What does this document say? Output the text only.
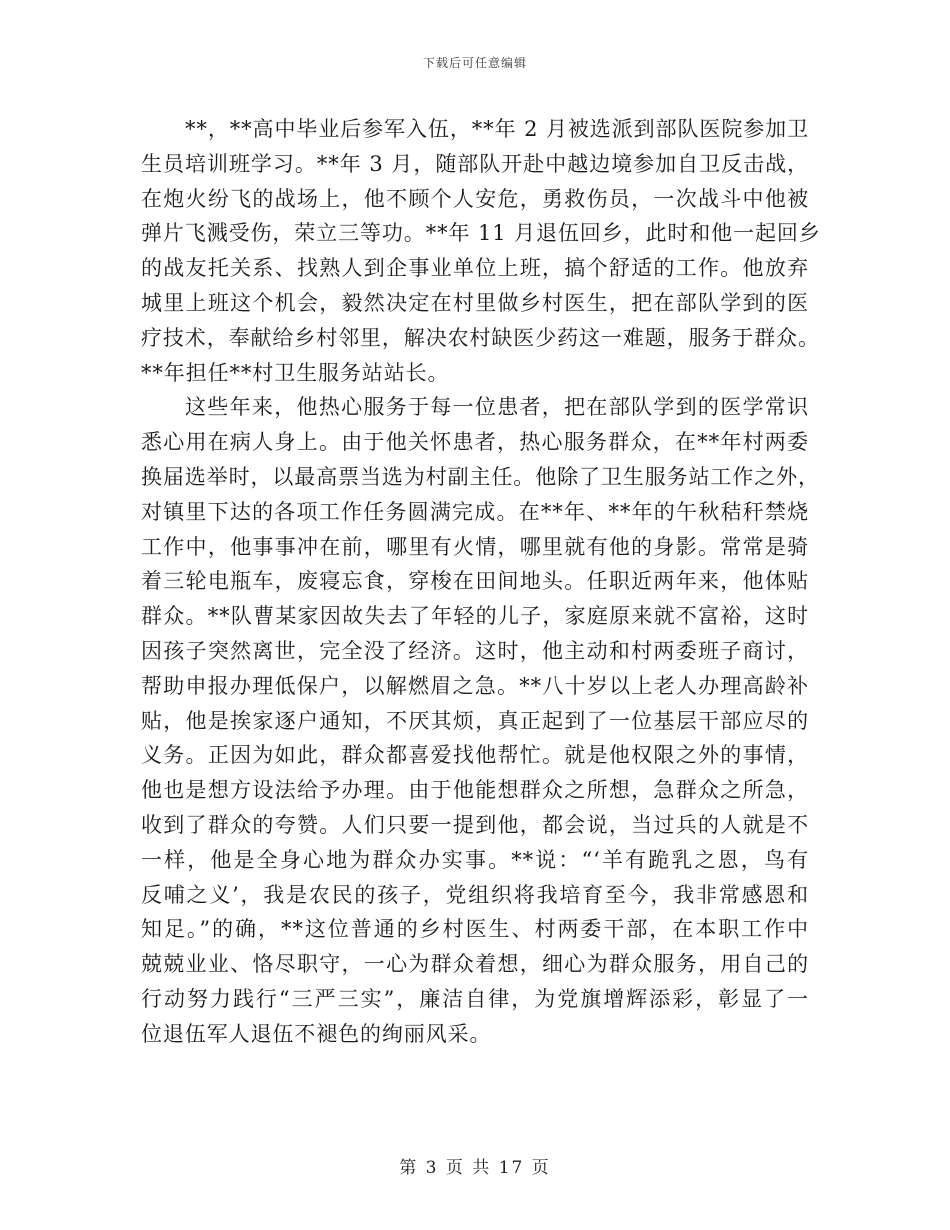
下载后可任意编辑
**，**高中毕业后参军入伍，**年 2 月被选派到部队医院参加卫
生员培训班学习。**年 3 月，随部队开赴中越边境参加自卫反击战，
在炮火纷飞的战场上，他不顾个人安危，勇救伤员，一次战斗中他被
弹片飞溅受伤，荣立三等功。**年 11 月退伍回乡，此时和他一起回乡
的战友托关系、找熟人到企事业单位上班，搞个舒适的工作。他放弃
城里上班这个机会，毅然决定在村里做乡村医生，把在部队学到的医
疗技术，奉献给乡村邻里，解决农村缺医少药这一难题，服务于群众。
**年担任**村卫生服务站站长。
这些年来，他热心服务于每一位患者，把在部队学到的医学常识
悉心用在病人身上。由于他关怀患者，热心服务群众，在**年村两委
换届选举时，以最高票当选为村副主任。他除了卫生服务站工作之外，
对镇里下达的各项工作任务圆满完成。在**年、**年的午秋秸秆禁烧
工作中，他事事冲在前，哪里有火情，哪里就有他的身影。常常是骑
着三轮电瓶车，废寝忘食，穿梭在田间地头。任职近两年来，他体贴
群众。**队曹某家因故失去了年轻的儿子，家庭原来就不富裕，这时
因孩子突然离世，完全没了经济。这时，他主动和村两委班子商讨，
帮助申报办理低保户，以解燃眉之急。**八十岁以上老人办理高龄补
贴，他是挨家逐户通知，不厌其烦，真正起到了一位基层干部应尽的
义务。正因为如此，群众都喜爱找他帮忙。就是他权限之外的事情，
他也是想方设法给予办理。由于他能想群众之所想，急群众之所急，
收到了群众的夸赞。人们只要一提到他，都会说，当过兵的人就是不
一样，他是全身心地为群众办实事。**说：“‘羊有跪乳之恩，鸟有
反哺之义’，我是农民的孩子，党组织将我培育至今，我非常感恩和
知足。”的确，**这位普通的乡村医生、村两委干部，在本职工作中
兢兢业业、恪尽职守，一心为群众着想，细心为群众服务，用自己的
行动努力践行“三严三实”，廉洁自律，为党旗增辉添彩，彰显了一
位退伍军人退伍不褪色的绚丽风采。
第 3 页 共 17 页
